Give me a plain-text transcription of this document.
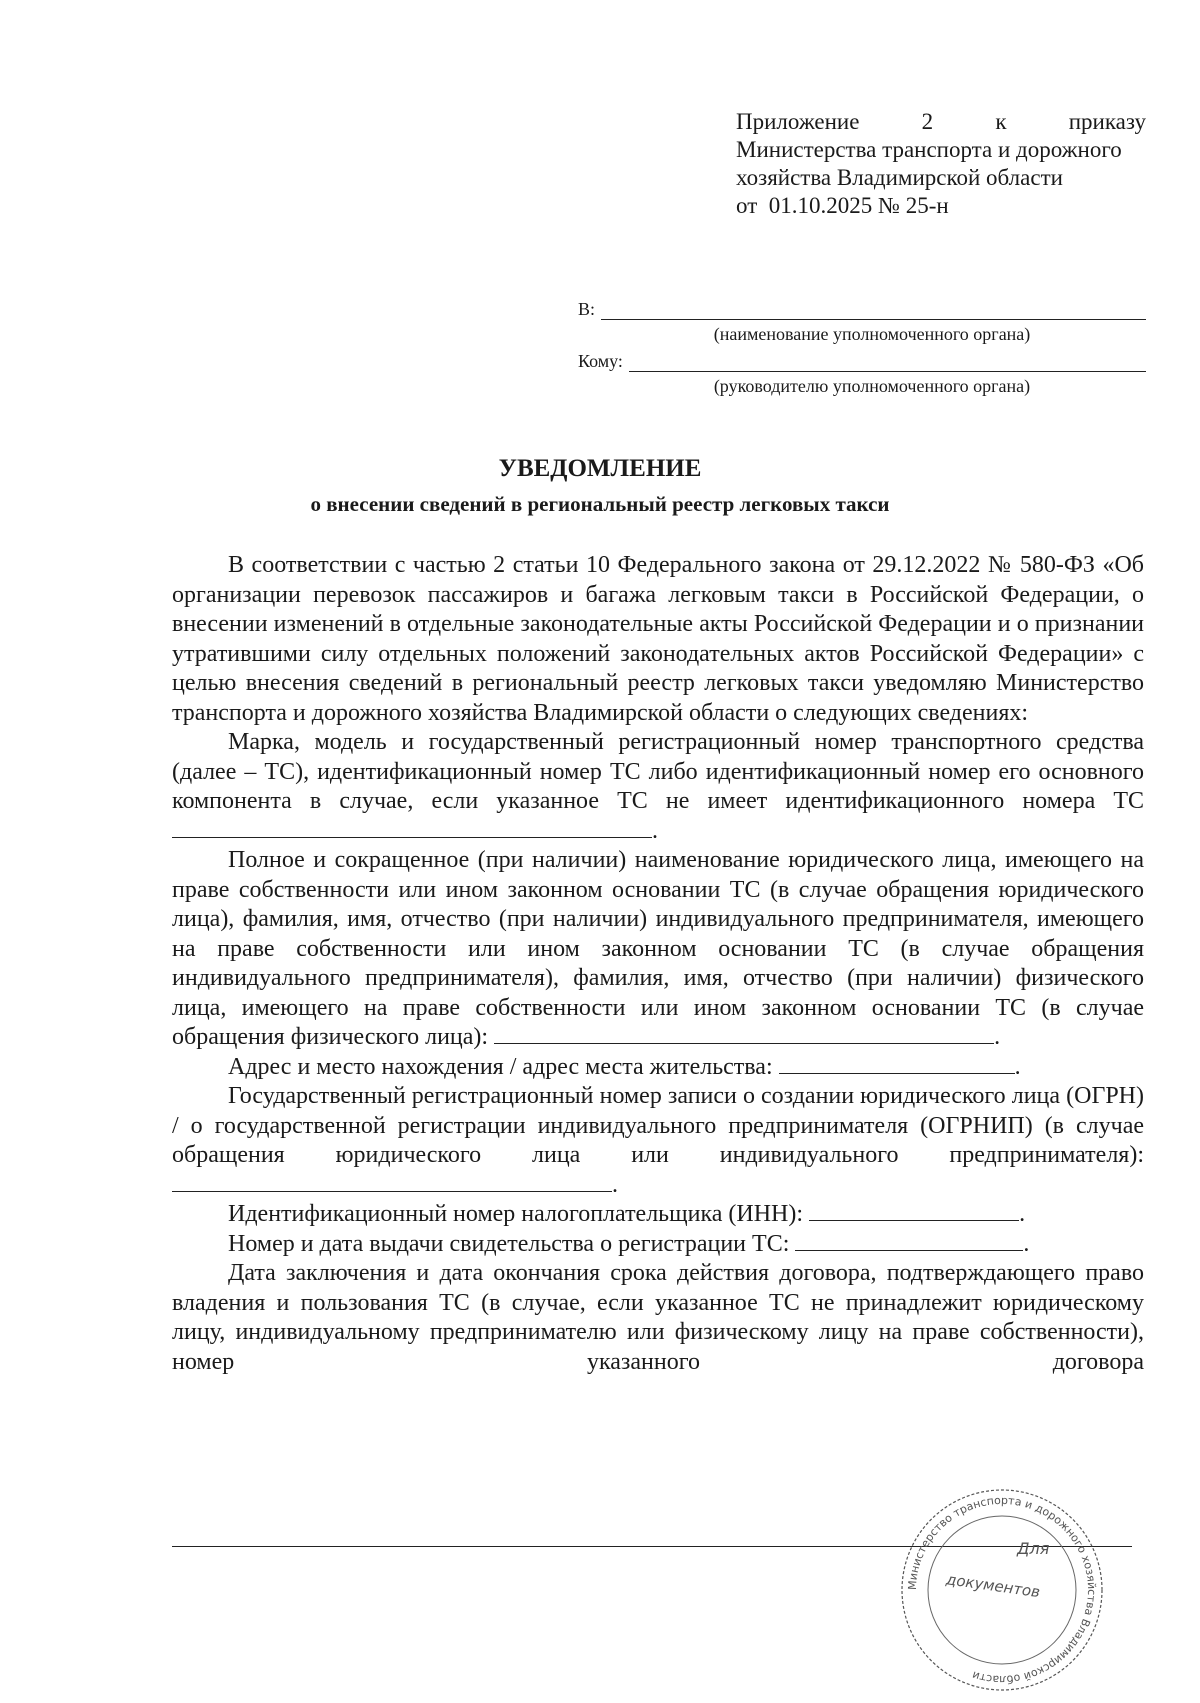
Приложение	2	к	приказу
Министерства транспорта и дорожного
хозяйства Владимирской области
от  01.10.2025 № 25-н
В:
(наименование уполномоченного органа)
Кому:
(руководителю уполномоченного органа)
УВЕДОМЛЕНИЕ
о внесении сведений в региональный реестр легковых такси

В соответствии с частью 2 статьи 10 Федерального закона от 29.12.2022 № 580-ФЗ «Об организации перевозок пассажиров и багажа легковым такси в Российской Федерации, о внесении изменений в отдельные законодательные акты Российской Федерации и о признании утратившими силу отдельных положений законодательных актов Российской Федерации» с целью внесения сведений в региональный реестр легковых такси уведомляю Министерство транспорта и дорожного хозяйства Владимирской области о следующих сведениях:

Марка, модель и государственный регистрационный номер транспортного средства (далее – ТС), идентификационный номер ТС либо идентификационный номер его основного компонента в случае, если указанное ТС не имеет идентификационного номера ТС .

Полное и сокращенное (при наличии) наименование юридического лица, имеющего на праве собственности или ином законном основании ТС (в случае обращения юридического лица), фамилия, имя, отчество (при наличии) индивидуального предпринимателя, имеющего на праве собственности или ином законном основании ТС (в случае обращения индивидуального предпринимателя), фамилия, имя, отчество (при наличии) физического лица, имеющего на праве собственности или ином законном основании ТС (в случае обращения физического лица):	.

Адрес и место нахождения / адрес места жительства:	.

Государственный регистрационный номер записи о создании юридического лица (ОГРН) / о государственной регистрации индивидуального предпринимателя (ОГРНИП) (в случае обращения юридического лица или индивидуального предпринимателя): .

Идентификационный номер налогоплательщика (ИНН):	.

Номер и дата выдачи свидетельства о регистрации ТС:	.

Дата заключения и дата окончания срока действия договора, подтверждающего право владения и пользования ТС (в случае, если указанное ТС не принадлежит юридическому лицу, индивидуальному предпринимателю или физическому лицу на праве собственности), номер указанного договора

Министерство транспорта и дорожного хозяйства Владимирской области
Для
документов
